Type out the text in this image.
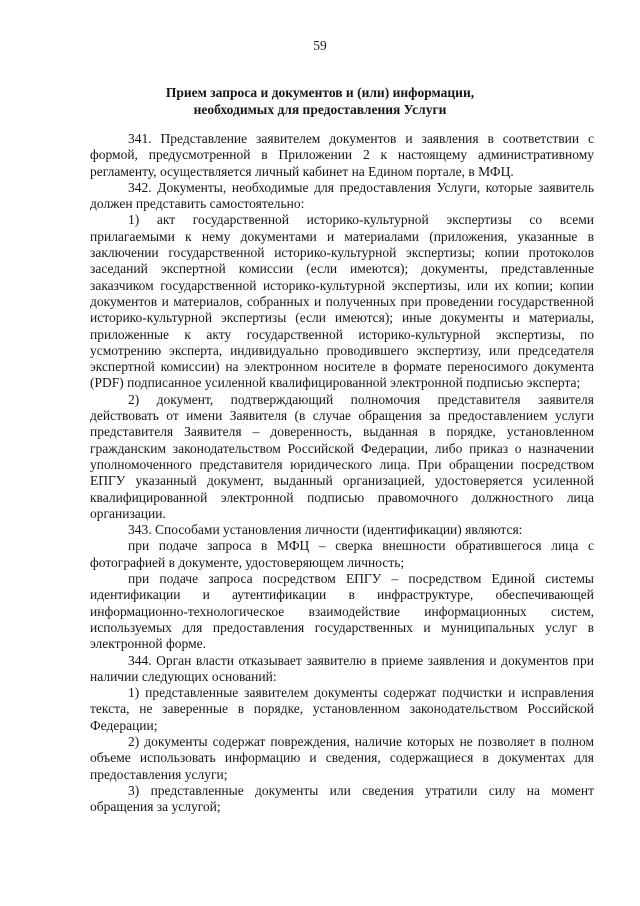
59
Прием запроса и документов и (или) информации,
необходимых для предоставления Услуги

341. Представление заявителем документов и заявления в соответствии с формой, предусмотренной в Приложении 2 к настоящему административному регламенту, осуществляется личный кабинет на Едином портале, в МФЦ.

342. Документы, необходимые для предоставления Услуги, которые заявитель должен представить самостоятельно:

1) акт государственной историко-культурной экспертизы со всеми прилагаемыми к нему документами и материалами (приложения, указанные в заключении государственной историко-культурной экспертизы; копии протоколов заседаний экспертной комиссии (если имеются); документы, представленные заказчиком государственной историко-культурной экспертизы, или их копии; копии документов и материалов, собранных и полученных при проведении государственной историко-культурной экспертизы (если имеются); иные документы и материалы, приложенные к акту государственной историко-культурной экспертизы, по усмотрению эксперта, индивидуально проводившего экспертизу, или председателя экспертной комиссии) на электронном носителе в формате переносимого документа (PDF) подписанное усиленной квалифицированной электронной подписью эксперта;

2) документ, подтверждающий полномочия представителя заявителя действовать от имени Заявителя (в случае обращения за предоставлением услуги представителя Заявителя – доверенность, выданная в порядке, установленном гражданским законодательством Российской Федерации, либо приказ о назначении уполномоченного представителя юридического лица. При обращении посредством ЕПГУ указанный документ, выданный организацией, удостоверяется усиленной квалифицированной электронной подписью правомочного должностного лица организации.

343. Способами установления личности (идентификации) являются:

при подаче запроса в МФЦ – сверка внешности обратившегося лица с фотографией в документе, удостоверяющем личность;

при подаче запроса посредством ЕПГУ – посредством Единой системы идентификации и аутентификации в инфраструктуре, обеспечивающей информационно-технологическое взаимодействие информационных систем, используемых для предоставления государственных и муниципальных услуг в электронной форме.

344. Орган власти отказывает заявителю в приеме заявления и документов при наличии следующих оснований:

1) представленные заявителем документы содержат подчистки и исправления текста, не заверенные в порядке, установленном законодательством Российской Федерации;

2) документы содержат повреждения, наличие которых не позволяет в полном объеме использовать информацию и сведения, содержащиеся в документах для предоставления услуги;

3) представленные документы или сведения утратили силу на момент обращения за услугой;
